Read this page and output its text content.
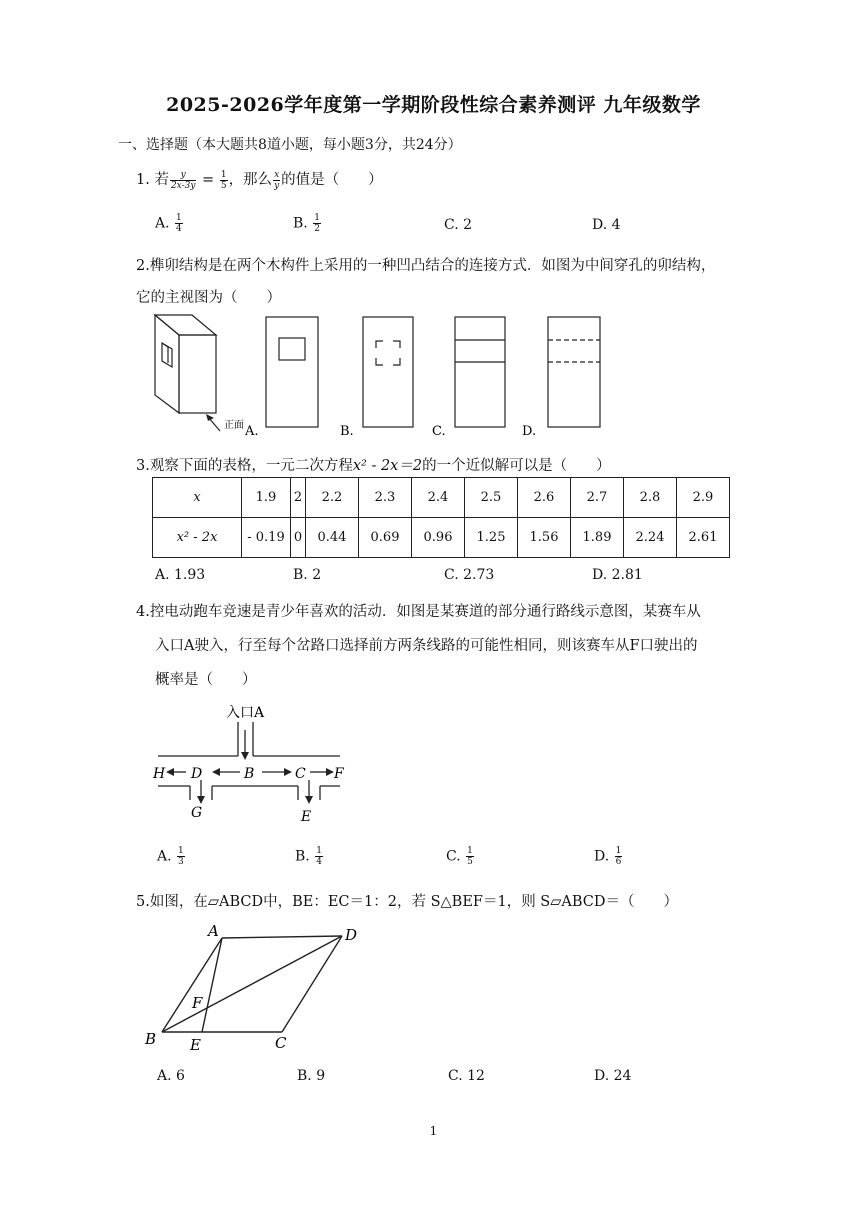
2025-2026学年度第一学期阶段性综合素养测评 九年级数学
一、选择题（本大题共8道小题，每小题3分，共24分）
1. 若 $\frac{y}{2x-3y} = \frac{1}{5}$ ，那么 $\frac{x}{y}$ 的值是（　　）
A. $\frac{1}{4}$	B. $\frac{1}{2}$	C. 2	D. 4
2.榫卯结构是在两个木构件上采用的一种凹凸结合的连接方式．如图为中间穿孔的卯结构，
它的主视图为（　　）
正面 A.	B.	C.	D.
3.观察下面的表格，一元二次方程x² - 2x＝2的一个近似解可以是（　　）
x	1.9	2	2.2	2.3	2.4	2.5	2.6	2.7	2.8	2.9
x² - 2x	- 0.19	0	0.44	0.69	0.96	1.25	1.56	1.89	2.24	2.61
A. 1.93	B. 2	C. 2.73	D. 2.81
4.控电动跑车竞速是青少年喜欢的活动．如图是某赛道的部分通行路线示意图，某赛车从
入口A驶入，行至每个岔路口选择前方两条线路的可能性相同，则该赛车从F口驶出的
概率是（　　）
入口A
H D	B	C F
G	E
A. $\frac{1}{3}$	B. $\frac{1}{4}$	C. $\frac{1}{5}$	D. $\frac{1}{6}$
5.如图，在▱ABCD中，BE：EC＝1：2，若 S△BEF＝1，则 S▱ABCD＝（　　）
A	D
F
B E	C
A. 6	B. 9	C. 12	D. 24
1
